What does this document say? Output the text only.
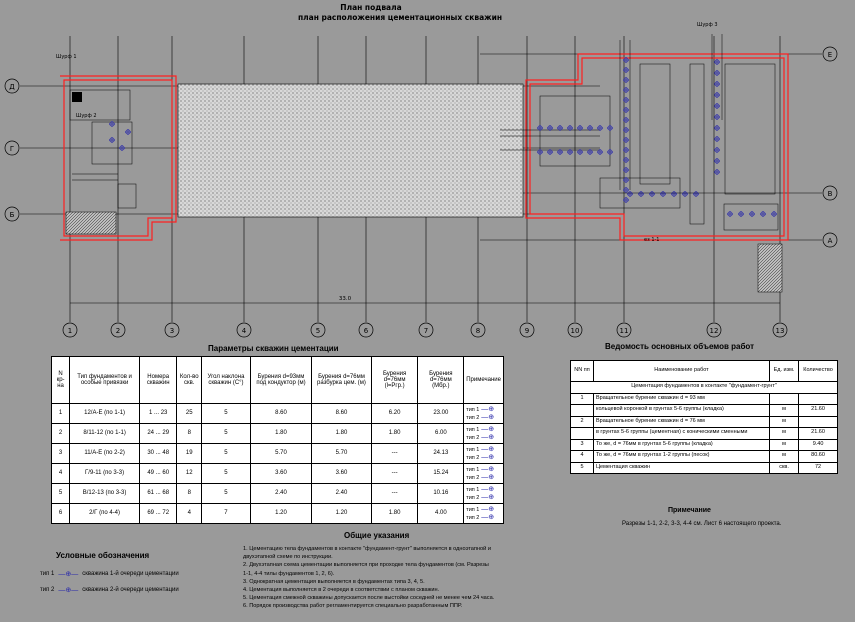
План подвала
план расположения цементационных скважин
Шурф 1
Шурф 2
Шурф 3
ез 1-1
33.0
1	2	3	4	5	6	7	8	9	10	11	12	13
Д
Г
Б
А
В
Е
Параметры скважин цементации
N кр-на	Тип фундаментов и особые привязки	Номера скважин	Кол-во скв.	Угол наклона скважин (С°)	Бурения d=93мм под кондуктор (м)	Бурения d=76мм разбурка цем. (м)	Бурения d=76мм (l=Ргр.)	Бурения d=76мм (Мбр.)	Примечание
1	12/А-Е (по 1-1)	1 ... 23	25	5	8.60	8.60	6.20	23.00	тип 1 —⊕
тип 2 —⊕

2	8/11-12 (по 1-1)	24 ... 29	8	5	1.80	1.80	1.80	6.00	тип 1 —⊕
тип 2 —⊕

3	11/А-Е (по 2-2)	30 ... 48	19	5	5.70	5.70	---	24.13	тип 1 —⊕
тип 2 —⊕

4	Г/9-11 (по 3-3)	49 ... 60	12	5	3.60	3.60	---	15.24	тип 1 —⊕
тип 2 —⊕

5	В/12-13 (по 3-3)	61 ... 68	8	5	2.40	2.40	---	10.16	тип 1 —⊕
тип 2 —⊕

6	2/Г (по 4-4)	69 ... 72	4	7	1.20	1.20	1.80	4.00	тип 1 —⊕
тип 2 —⊕
Ведомость основных объемов работ
NN пп	Наименование работ	Ед. изм.	Количество
Цементация фундаментов в контакте "фундамент-грунт"			
1	Вращательное бурение скважин d = 93 мм		
	кольцевой коронкой в грунтах 5-6 группы (кладка)	м	21.60
2	Вращательное бурение скважин d = 76 мм	м	
	в грунтах 5-6 группы (цементная) с коническими сменными	м	21.60
3	То же, d = 76мм в грунтах 5-6 группы (кладка)	м	9.40
4	То же, d = 76мм в грунтах 1-2 группы (песок)	м	80.60
5	Цементация скважин	скв.	72
Примечание
Разрезы 1-1, 2-2, 3-3, 4-4 см. Лист 6 настоящего проекта.
Общие указания
1. Цементацию тела фундаментов в контакте "фундамент-грунт" выполняется в одноэтапной и
двухэтапной схеме по инструкции.
2. Двухэтапная схема цементации выполняется при проходке тела фундаментов (см. Разрезы
1-1, 4-4 тилы фундаментов 1, 2, 6).
3. Однократная цементация выполняется в фундаментах типа 3, 4, 5.
4. Цементация выполняется в 2 очереди в соответствии с планом скважин.
5. Цементация смежной скважины допускается после выстойки соседней не менее чем 24 часа.
6. Порядок производства работ регламентируется специально разработанным ППР.
Условные обозначения
тип 1 —⊕— скважина 1-й очереди цементации
тип 2 —⊕— скважина 2-й очереди цементации
